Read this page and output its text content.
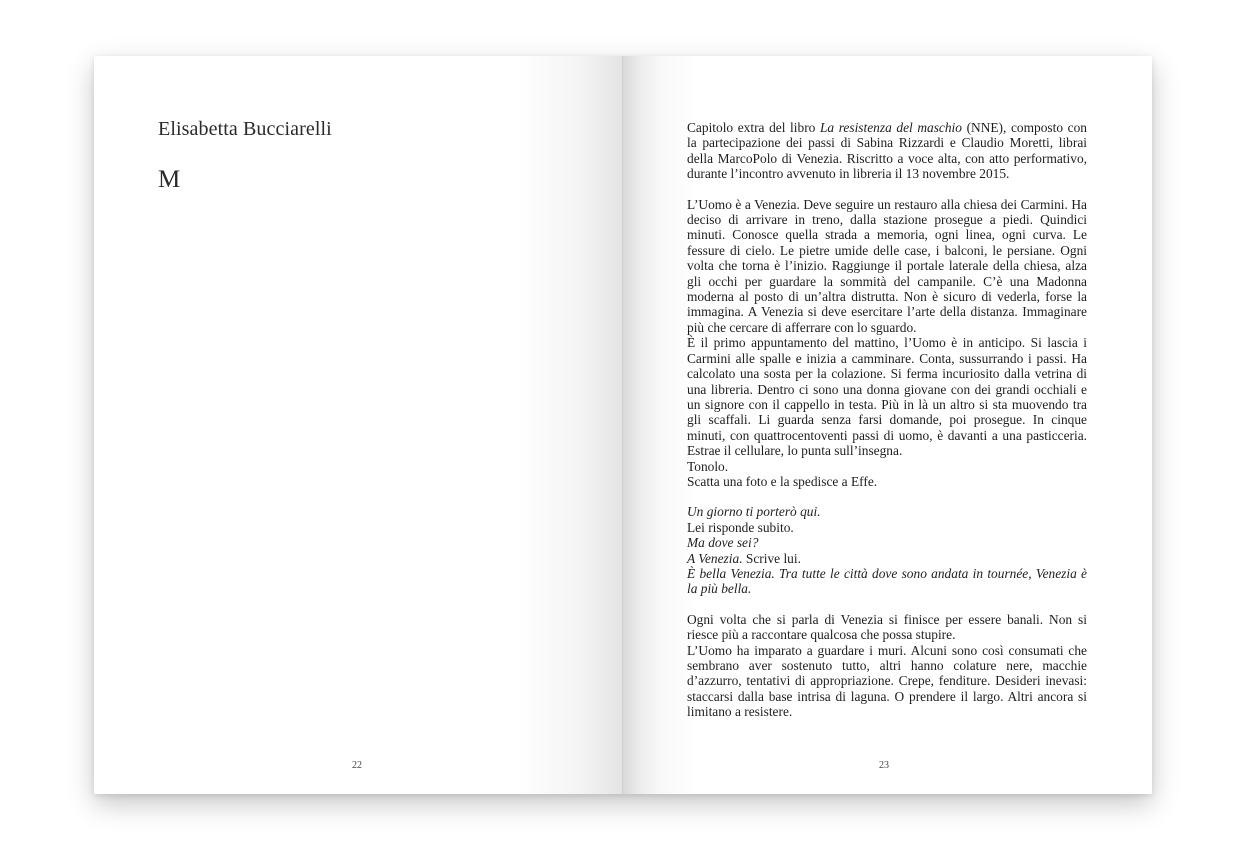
Elisabetta Bucciarelli
M
22

Capitolo extra del libro La resistenza del maschio (NNE), composto con la partecipazione dei passi di Sabina Rizzardi e Claudio Moretti, librai della MarcoPolo di Venezia. Riscritto a voce alta, con atto performativo, durante l’incontro avvenuto in libreria il 13 novembre 2015.

L’Uomo è a Venezia. Deve seguire un restauro alla chiesa dei Carmini. Ha deciso di arrivare in treno, dalla stazione prosegue a piedi. Quindici minuti. Conosce quella strada a memoria, ogni linea, ogni curva. Le fessure di cielo. Le pietre umide delle case, i balconi, le persiane. Ogni volta che torna è l’inizio. Raggiunge il portale laterale della chiesa, alza gli occhi per guardare la sommità del campanile. C’è una Madonna moderna al posto di un’altra distrutta. Non è sicuro di vederla, forse la immagina. A Venezia si deve esercitare l’arte della distanza. Immaginare più che cercare di afferrare con lo sguardo.

È il primo appuntamento del mattino, l’Uomo è in anticipo. Si lascia i Carmini alle spalle e inizia a camminare. Conta, sussurrando i passi. Ha calcolato una sosta per la colazione. Si ferma incuriosito dalla vetrina di una libreria. Dentro ci sono una donna giovane con dei grandi occhiali e un signore con il cappello in testa. Più in là un altro si sta muovendo tra gli scaffali. Li guarda senza farsi domande, poi prosegue. In cinque minuti, con quattrocentoventi passi di uomo, è davanti a una pasticceria. Estrae il cellulare, lo punta sull’insegna.

Tonolo.

Scatta una foto e la spedisce a Effe.

Un giorno ti porterò qui.

Lei risponde subito.

Ma dove sei?

A Venezia. Scrive lui.

È bella Venezia. Tra tutte le città dove sono andata in tournée, Venezia è la più bella.

Ogni volta che si parla di Venezia si finisce per essere banali. Non si riesce più a raccontare qualcosa che possa stupire.

L’Uomo ha imparato a guardare i muri. Alcuni sono così consumati che sembrano aver sostenuto tutto, altri hanno colature nere, macchie d’azzurro, tentativi di appropriazione. Crepe, fenditure. Desideri inevasi: staccarsi dalla base intrisa di laguna. O prendere il largo. Altri ancora si limitano a resistere.

23
